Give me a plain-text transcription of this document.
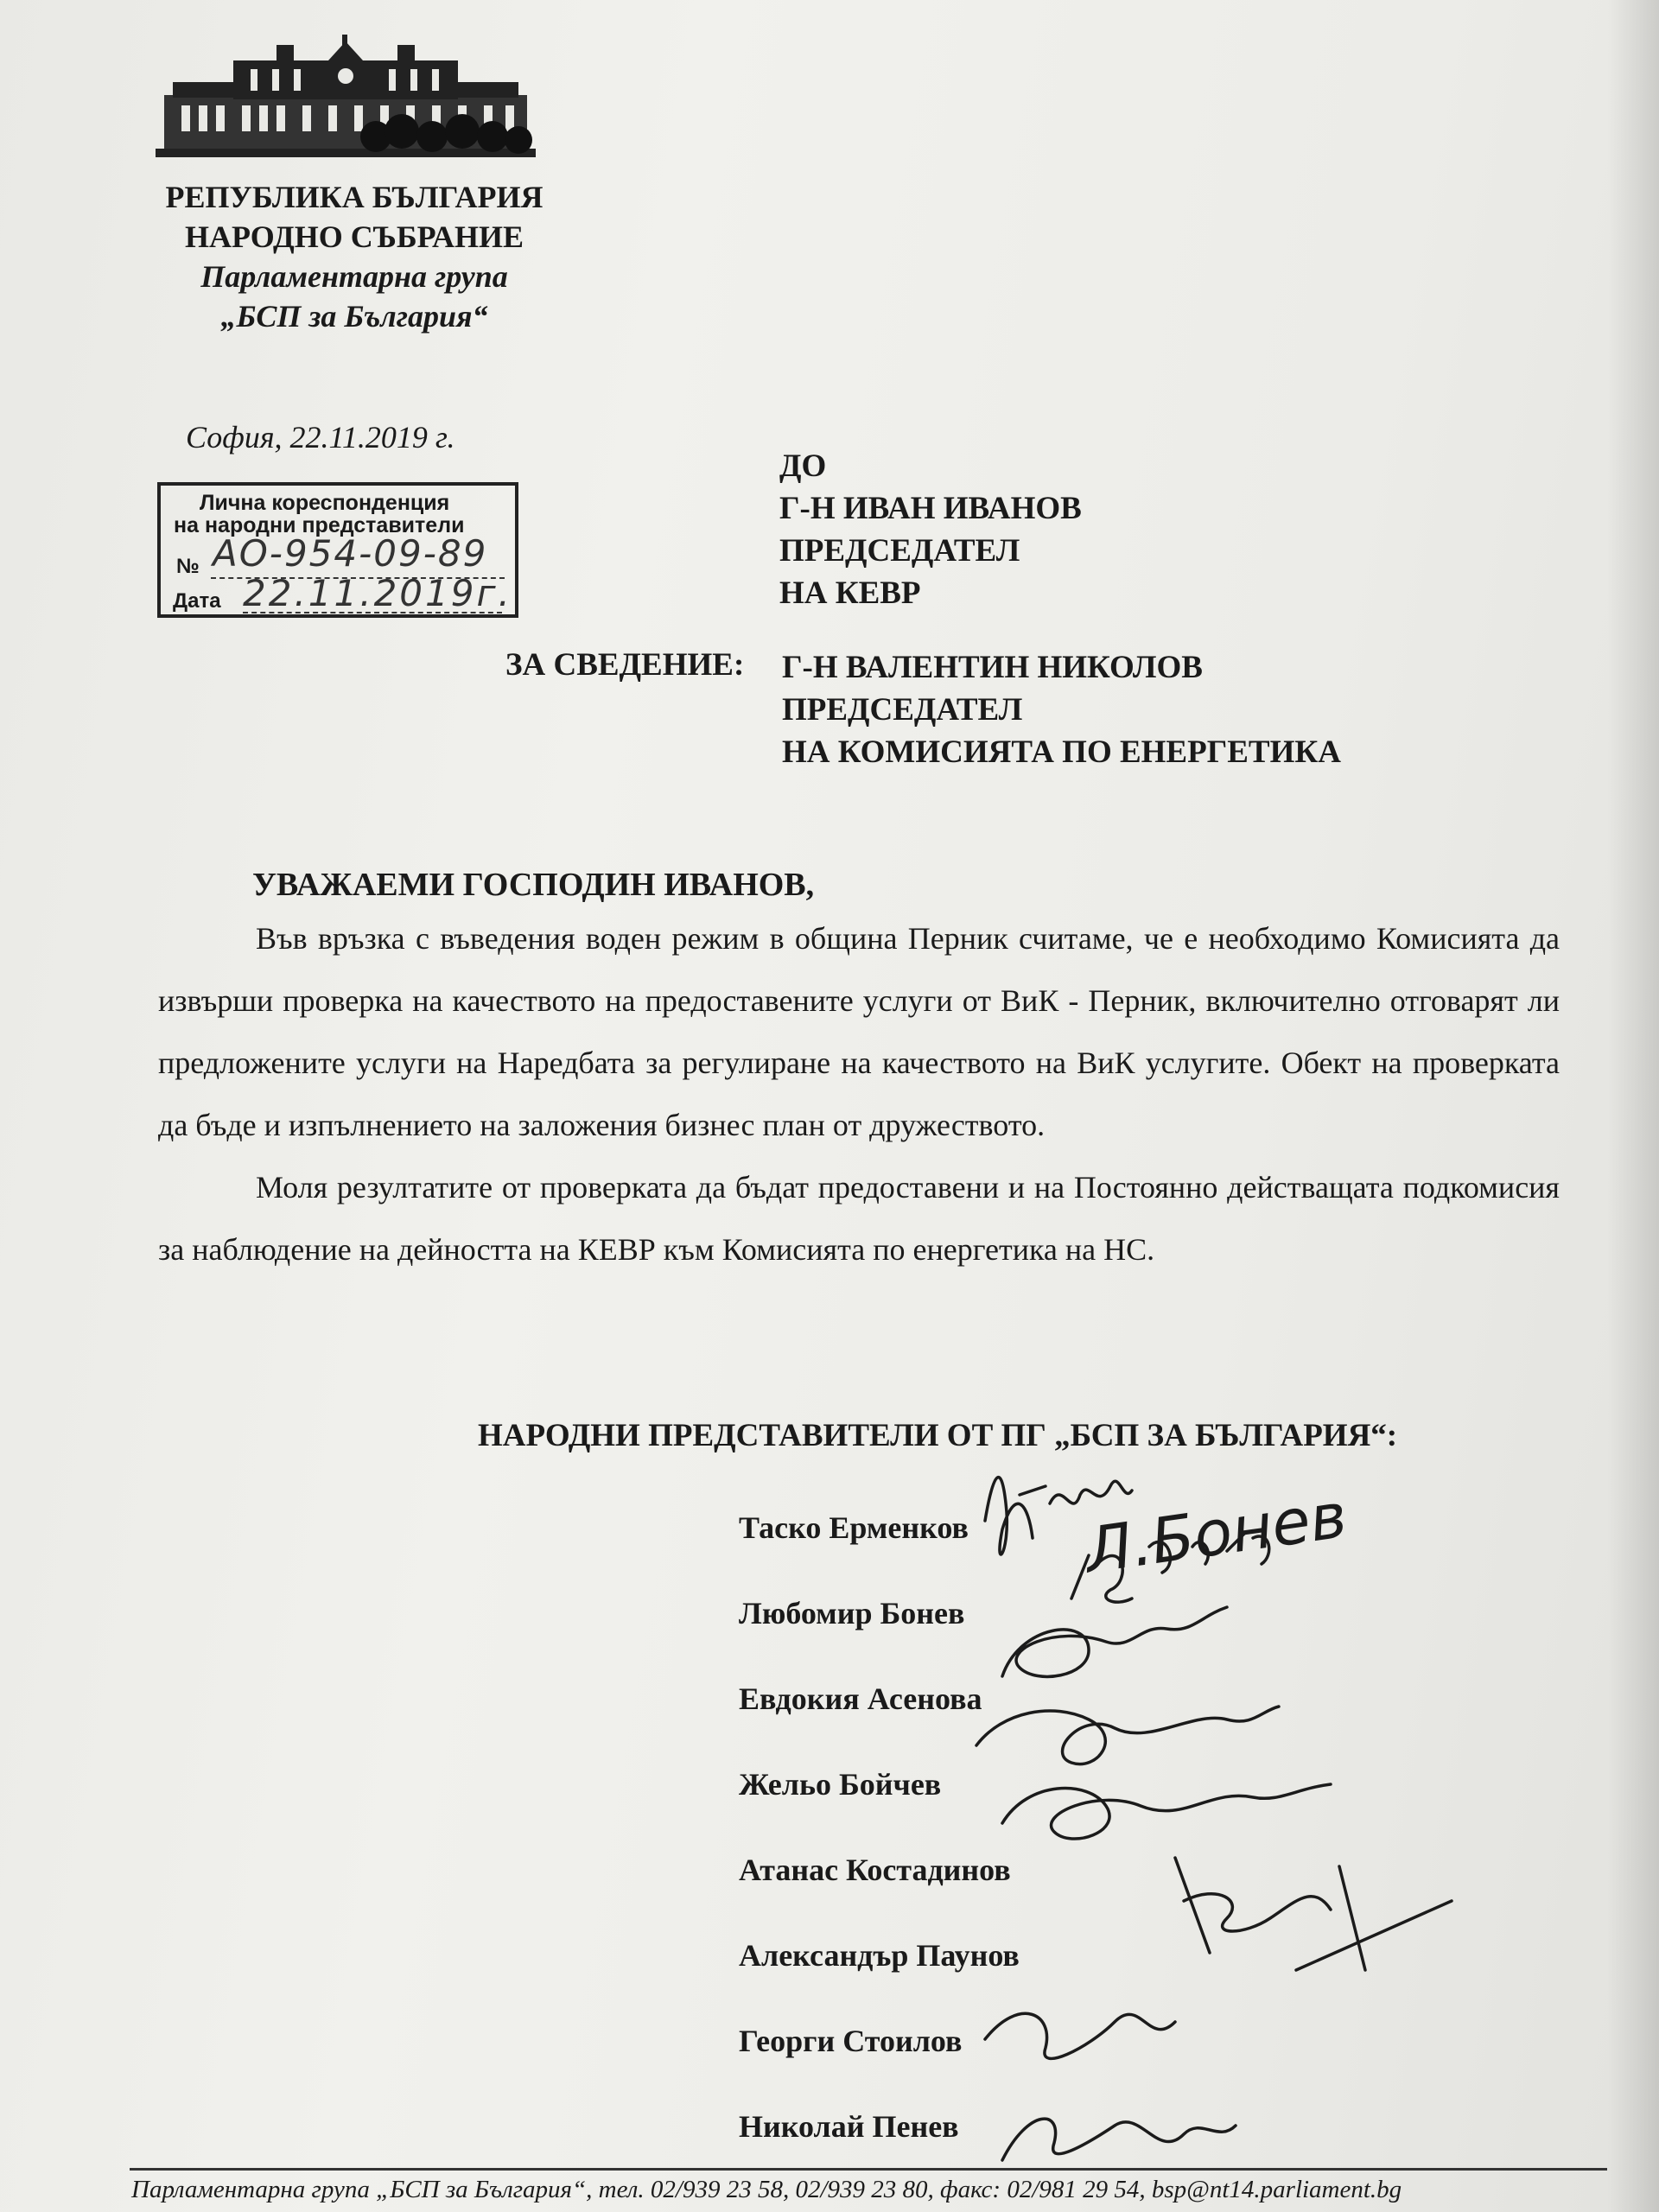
РЕПУБЛИКА БЪЛГАРИЯ
НАРОДНО СЪБРАНИЕ
Парламентарна група
„БСП за България“
София, 22.11.2019 г.
Лична кореспонденция
на народни представители
№ АО-954-09-89
Дата 22.11.2019г.
ДО
Г-Н ИВАН ИВАНОВ
ПРЕДСЕДАТЕЛ
НА КЕВР
ЗА СВЕДЕНИЕ: Г-Н ВАЛЕНТИН НИКОЛОВ
ПРЕДСЕДАТЕЛ
НА КОМИСИЯТА ПО ЕНЕРГЕТИКА
УВАЖАЕМИ ГОСПОДИН ИВАНОВ,

Във връзка с въведения воден режим в община Перник считаме, че е необходимо Комисията да извърши проверка на качеството на предоставените услуги от ВиК - Перник, включително отговарят ли предложените услуги на Наредбата за регулиране на качеството на ВиК услугите. Обект на проверката да бъде и изпълнението на заложения бизнес план от дружеството.

Моля резултатите от проверката да бъдат предоставени и на Постоянно действащата подкомисия за наблюдение на дейността на КЕВР към Комисията по енергетика на НС.

НАРОДНИ ПРЕДСТАВИТЕЛИ ОТ ПГ „БСП ЗА БЪЛГАРИЯ“:
Таско Ерменков
Любомир Бонев
Евдокия Асенова
Жельо Бойчев
Атанас Костадинов
Александър Паунов
Георги Стоилов
Николай Пенев
Л.Бонев
Парламентарна група „БСП за България“, тел. 02/939 23 58, 02/939 23 80, факс: 02/981 29 54, bsp@nt14.parliament.bg
